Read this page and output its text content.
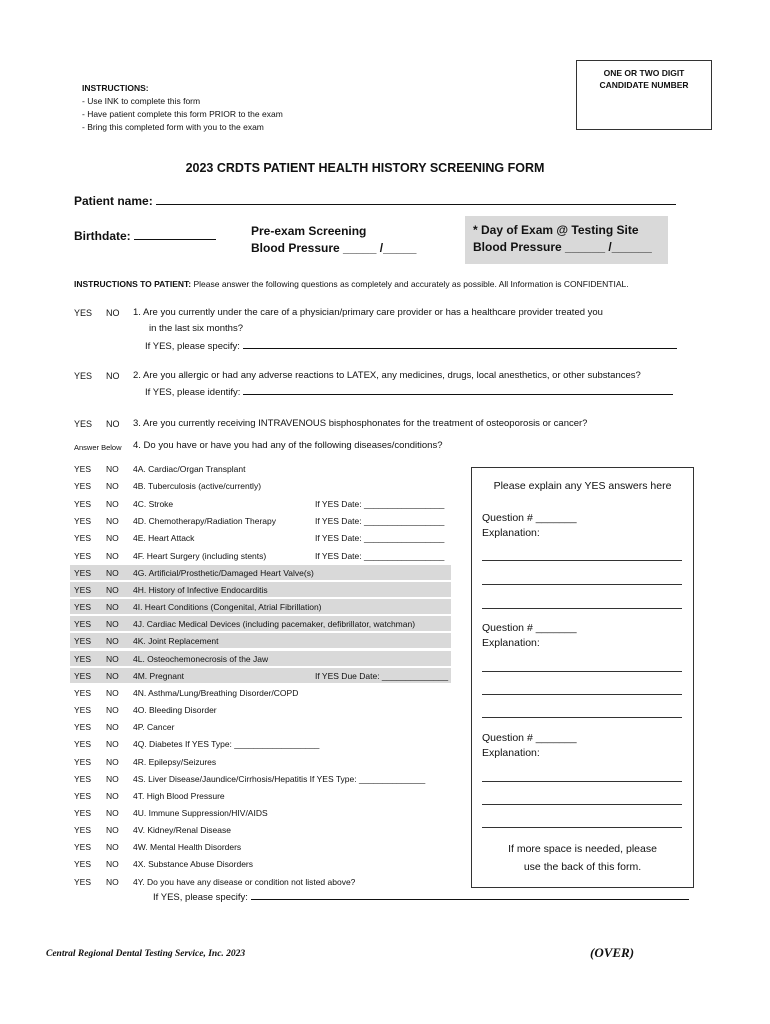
INSTRUCTIONS:
- Use INK to complete this form
- Have patient complete this form PRIOR to the exam
- Bring this completed form with you to the exam
ONE OR TWO DIGIT
CANDIDATE NUMBER
2023 CRDTS PATIENT HEALTH HISTORY SCREENING FORM
Patient name:
Birthdate:	Pre-exam Screening
Blood Pressure _____ /_____
* Day of Exam @ Testing Site
Blood Pressure ______ /______
INSTRUCTIONS TO PATIENT: Please answer the following questions as completely and accurately as possible. All Information is CONFIDENTIAL.
YES NO 1. Are you currently under the care of a physician/primary care provider or has a healthcare provider treated you
in the last six months?
If YES, please specify:
YES NO 2. Are you allergic or had any adverse reactions to LATEX, any medicines, drugs, local anesthetics, or other substances?
If YES, please identify:
YES NO 3. Are you currently receiving INTRAVENOUS bisphosphonates for the treatment of osteoporosis or cancer?
Answer Below 4. Do you have or have you had any of the following diseases/conditions?
YES NO 4A. Cardiac/Organ Transplant
YES NO 4B. Tuberculosis (active/currently)
YES NO 4C. Stroke	If YES Date: _________________
YES NO 4D. Chemotherapy/Radiation Therapy	If YES Date: _________________
YES NO 4E. Heart Attack	If YES Date: _________________
YES NO 4F. Heart Surgery (including stents)	If YES Date: _________________
YES NO 4G. Artificial/Prosthetic/Damaged Heart Valve(s)
YES NO 4H. History of Infective Endocarditis
YES NO 4I. Heart Conditions (Congenital, Atrial Fibrillation)
YES NO 4J. Cardiac Medical Devices (including pacemaker, defibrillator, watchman)
YES NO 4K. Joint Replacement
YES NO 4L. Osteochemonecrosis of the Jaw
YES NO 4M. Pregnant	If YES Due Date: ______________
YES NO 4N. Asthma/Lung/Breathing Disorder/COPD
YES NO 4O. Bleeding Disorder
YES NO 4P. Cancer
YES NO 4Q. Diabetes If YES Type: __________________
YES NO 4R. Epilepsy/Seizures
YES NO 4S. Liver Disease/Jaundice/Cirrhosis/Hepatitis If YES Type: ______________
YES NO 4T. High Blood Pressure
YES NO 4U. Immune Suppression/HIV/AIDS
YES NO 4V. Kidney/Renal Disease
YES NO 4W. Mental Health Disorders
YES NO 4X. Substance Abuse Disorders
YES NO 4Y. Do you have any disease or condition not listed above?
If YES, please specify:
Please explain any YES answers here
Question # _______
Explanation:
Question # _______
Explanation:
Question # _______
Explanation:
If more space is needed, please
use the back of this form.
Central Regional Dental Testing Service, Inc. 2023	(OVER)
